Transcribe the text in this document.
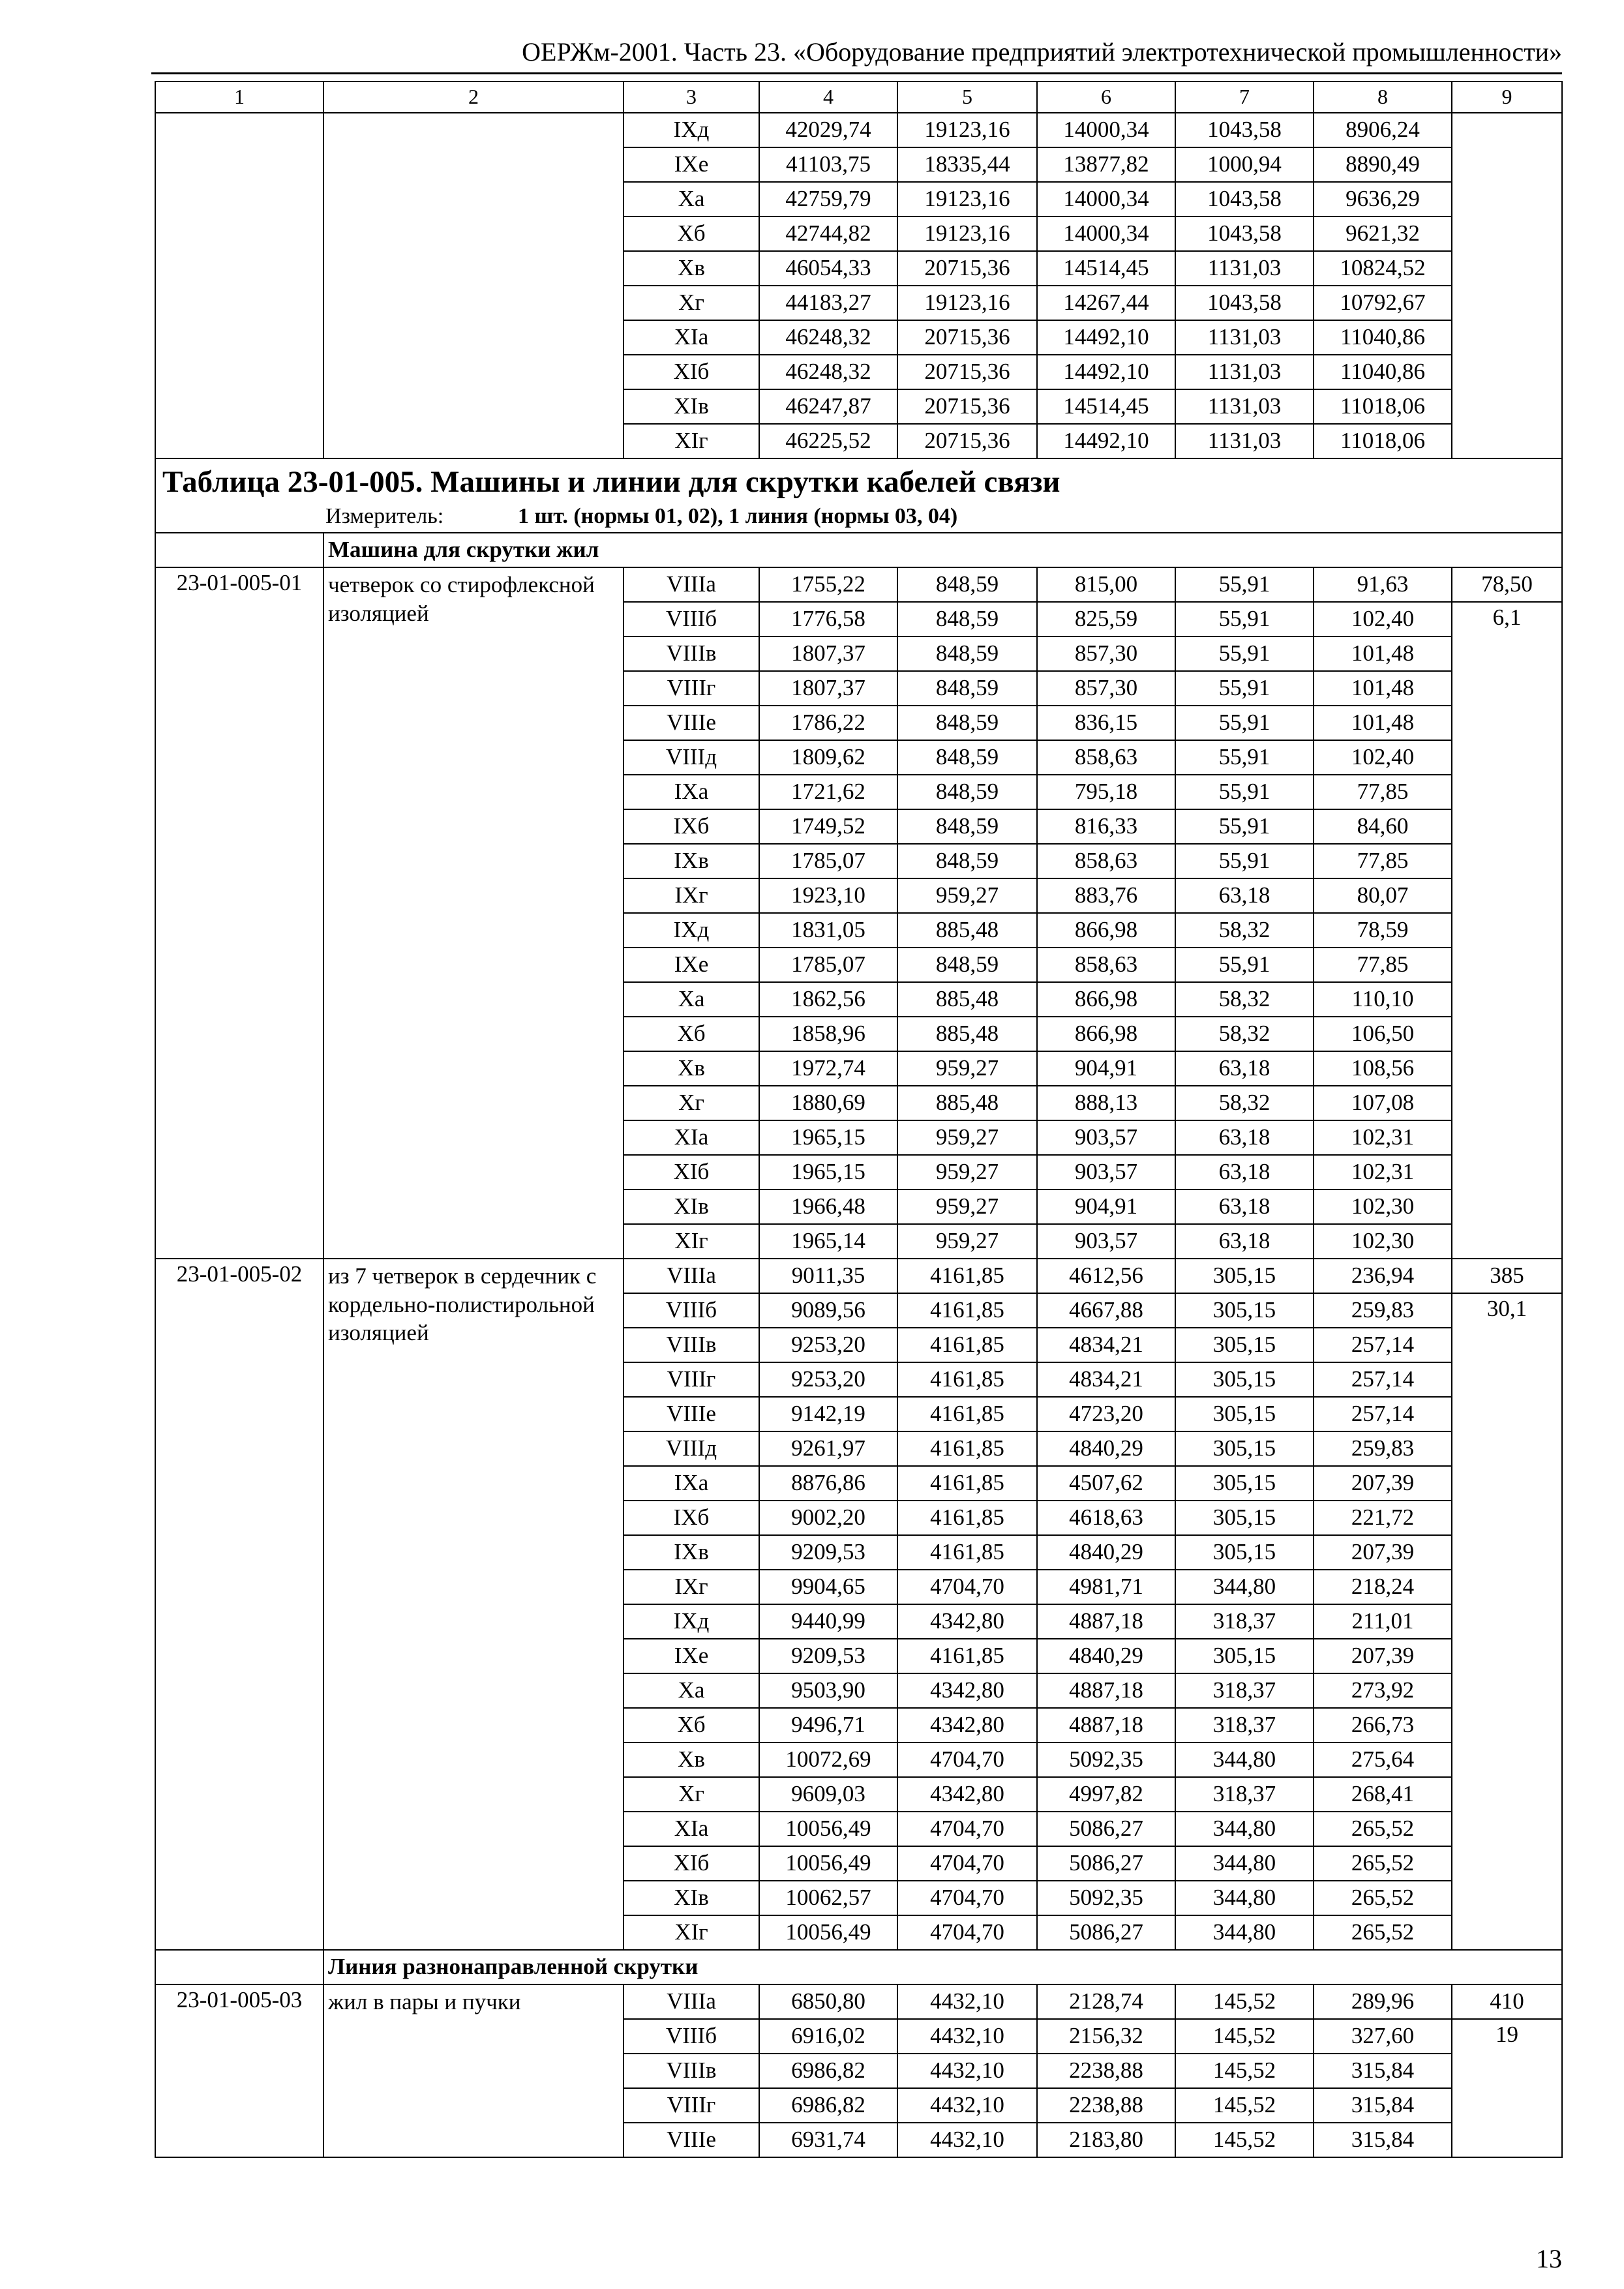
ОЕРЖм-2001. Часть 23. «Оборудование предприятий электротехнической промышленности»
1	2	3	4	5	6	7	8	9
		IXд	42029,74	19123,16	14000,34	1043,58	8906,24	
		IXе	41103,75	18335,44	13877,82	1000,94	8890,49	
		Xа	42759,79	19123,16	14000,34	1043,58	9636,29	
		Xб	42744,82	19123,16	14000,34	1043,58	9621,32	
		Xв	46054,33	20715,36	14514,45	1131,03	10824,52	
		Xг	44183,27	19123,16	14267,44	1043,58	10792,67	
		XIа	46248,32	20715,36	14492,10	1131,03	11040,86	
		XIб	46248,32	20715,36	14492,10	1131,03	11040,86	
		XIв	46247,87	20715,36	14514,45	1131,03	11018,06	
		XIг	46225,52	20715,36	14492,10	1131,03	11018,06	

Таблица 23-01-005. Машины и линии для скрутки кабелей связи
Измеритель: 1 шт. (нормы 01, 02), 1 линия (нормы 03, 04)								

	Машина для скрутки жил							
23-01-005-01	четверок со стирофлексной изоляцией	VIIIа	1755,22	848,59	815,00	55,91	91,63	78,50
		VIIIб	1776,58	848,59	825,59	55,91	102,40	6,1
		VIIIв	1807,37	848,59	857,30	55,91	101,48	
		VIIIг	1807,37	848,59	857,30	55,91	101,48	
		VIIIе	1786,22	848,59	836,15	55,91	101,48	
		VIIIд	1809,62	848,59	858,63	55,91	102,40	
		IXа	1721,62	848,59	795,18	55,91	77,85	
		IXб	1749,52	848,59	816,33	55,91	84,60	
		IXв	1785,07	848,59	858,63	55,91	77,85	
		IXг	1923,10	959,27	883,76	63,18	80,07	
		IXд	1831,05	885,48	866,98	58,32	78,59	
		IXе	1785,07	848,59	858,63	55,91	77,85	
		Xа	1862,56	885,48	866,98	58,32	110,10	
		Xб	1858,96	885,48	866,98	58,32	106,50	
		Xв	1972,74	959,27	904,91	63,18	108,56	
		Xг	1880,69	885,48	888,13	58,32	107,08	
		XIа	1965,15	959,27	903,57	63,18	102,31	
		XIб	1965,15	959,27	903,57	63,18	102,31	
		XIв	1966,48	959,27	904,91	63,18	102,30	
		XIг	1965,14	959,27	903,57	63,18	102,30	
23-01-005-02	из 7 четверок в сердечник с кордельно-полистирольной изоляцией	VIIIа	9011,35	4161,85	4612,56	305,15	236,94	385
		VIIIб	9089,56	4161,85	4667,88	305,15	259,83	30,1
		VIIIв	9253,20	4161,85	4834,21	305,15	257,14	
		VIIIг	9253,20	4161,85	4834,21	305,15	257,14	
		VIIIе	9142,19	4161,85	4723,20	305,15	257,14	
		VIIIд	9261,97	4161,85	4840,29	305,15	259,83	
		IXа	8876,86	4161,85	4507,62	305,15	207,39	
		IXб	9002,20	4161,85	4618,63	305,15	221,72	
		IXв	9209,53	4161,85	4840,29	305,15	207,39	
		IXг	9904,65	4704,70	4981,71	344,80	218,24	
		IXд	9440,99	4342,80	4887,18	318,37	211,01	
		IXе	9209,53	4161,85	4840,29	305,15	207,39	
		Xа	9503,90	4342,80	4887,18	318,37	273,92	
		Xб	9496,71	4342,80	4887,18	318,37	266,73	
		Xв	10072,69	4704,70	5092,35	344,80	275,64	
		Xг	9609,03	4342,80	4997,82	318,37	268,41	
		XIа	10056,49	4704,70	5086,27	344,80	265,52	
		XIб	10056,49	4704,70	5086,27	344,80	265,52	
		XIв	10062,57	4704,70	5092,35	344,80	265,52	
		XIг	10056,49	4704,70	5086,27	344,80	265,52	
	Линия разнонаправленной скрутки							
23-01-005-03	жил в пары и пучки	VIIIа	6850,80	4432,10	2128,74	145,52	289,96	410
		VIIIб	6916,02	4432,10	2156,32	145,52	327,60	19
		VIIIв	6986,82	4432,10	2238,88	145,52	315,84	
		VIIIг	6986,82	4432,10	2238,88	145,52	315,84	
		VIIIе	6931,74	4432,10	2183,80	145,52	315,84	
13
